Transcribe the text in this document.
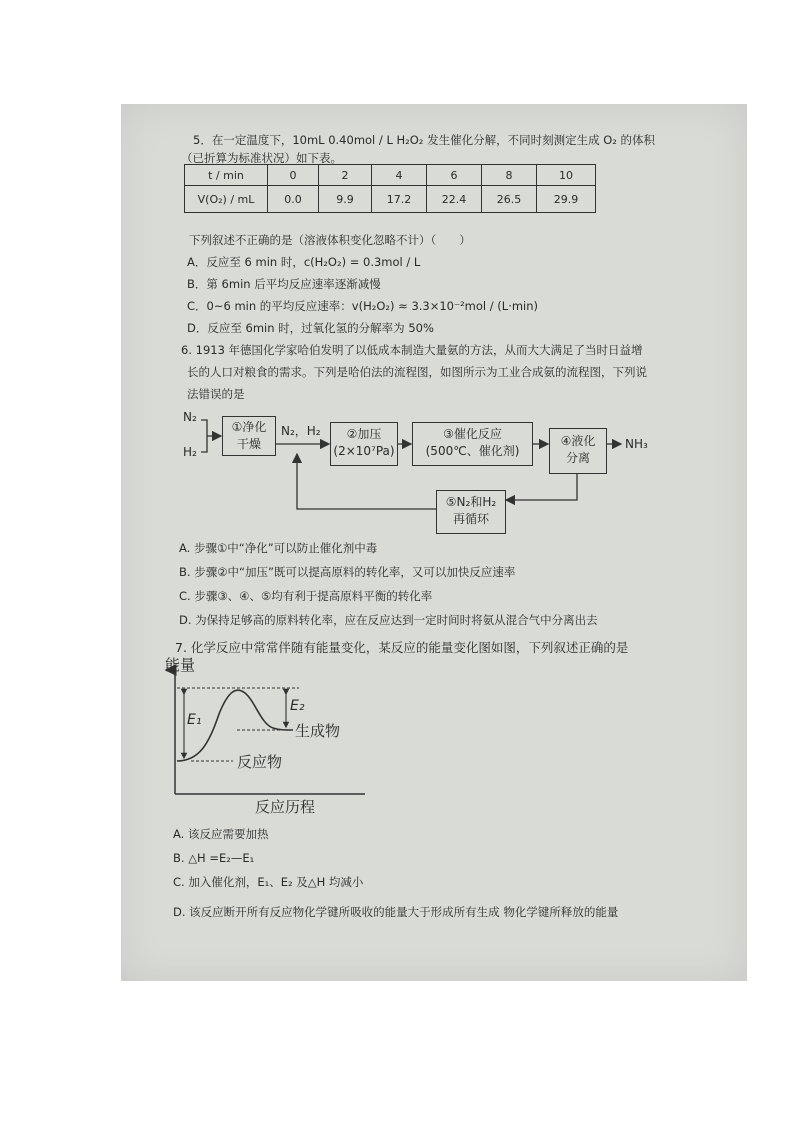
5．在一定温度下，10mL 0.40mol / L H₂O₂ 发生催化分解，不同时刻测定生成 O₂ 的体积
（已折算为标准状况）如下表。
t / min	0	2	4	6	8	10
V(O₂) / mL	0.0	9.9	17.2	22.4	26.5	29.9
下列叙述不正确的是（溶液体积变化忽略不计）（　　）
A．反应至 6 min 时，c(H₂O₂) = 0.3mol / L
B．第 6min 后平均反应速率逐渐减慢
C．0~6 min 的平均反应速率：v(H₂O₂) ≈ 3.3×10⁻²mol / (L·min)
D．反应至 6min 时，过氧化氢的分解率为 50%
6. 1913 年德国化学家哈伯发明了以低成本制造大量氨的方法，从而大大满足了当时日益增
长的人口对粮食的需求。下列是哈伯法的流程图，如图所示为工业合成氨的流程图，下列说
法错误的是
N₂
H₂
①净化
干燥
N₂，H₂	②加压
(2×10⁷Pa)
③催化反应
(500℃、催化剂)
④液化
分离
NH₃
⑤N₂和H₂
再循环
A. 步骤①中“净化”可以防止催化剂中毒
B. 步骤②中“加压”既可以提高原料的转化率，又可以加快反应速率
C. 步骤③、④、⑤均有利于提高原料平衡的转化率
D. 为保持足够高的原料转化率，应在反应达到一定时间时将氨从混合气中分离出去
7. 化学反应中常常伴随有能量变化，某反应的能量变化图如图，下列叙述正确的是
能量
E₁
E₂
生成物
反应物
反应历程
A. 该反应需要加热
B. △H =E₂—E₁
C. 加入催化剂，E₁、E₂ 及△H 均减小
D. 该反应断开所有反应物化学键所吸收的能量大于形成所有生成 物化学键所释放的能量
